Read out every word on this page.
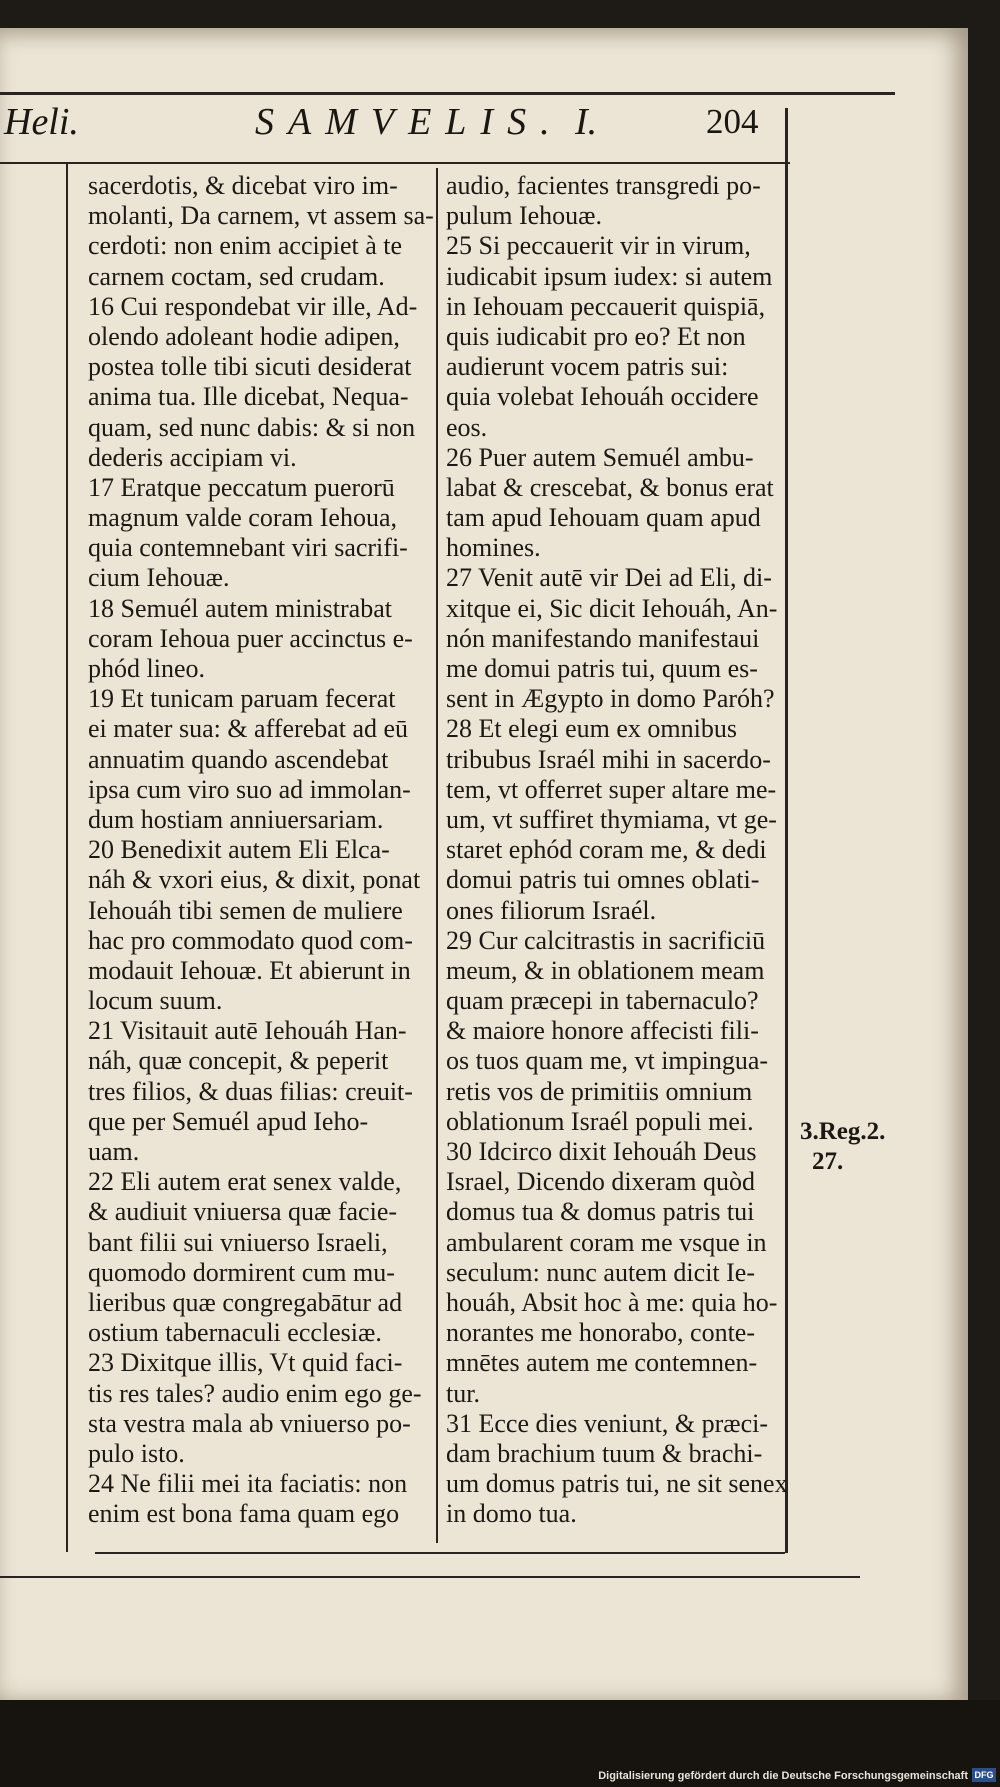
Heli.	SAMVELIS. I.	204
sacerdotis, & dicebat viro im-
molanti, Da carnem, vt assem sa-
cerdoti: non enim accipiet à te
carnem coctam, sed crudam.
16 Cui respondebat vir ille, Ad-
olendo adoleant hodie adipen,
postea tolle tibi sicuti desiderat
anima tua. Ille dicebat, Nequa-
quam, sed nunc dabis: & si non
dederis accipiam vi.
17 Eratque peccatum puerorū
magnum valde coram Iehoua,
quia contemnebant viri sacrifi-
cium Iehouæ.
18 Semuél autem ministrabat
coram Iehoua puer accinctus e-
phód lineo.
19 Et tunicam paruam fecerat
ei mater sua: & afferebat ad eū
annuatim quando ascendebat
ipsa cum viro suo ad immolan-
dum hostiam anniuersariam.
20 Benedixit autem Eli Elca-
náh & vxori eius, & dixit, ponat
Iehouáh tibi semen de muliere
hac pro commodato quod com-
modauit Iehouæ. Et abierunt in
locum suum.
21 Visitauit autē Iehouáh Han-
náh, quæ concepit, & peperit
tres filios, & duas filias: creuit-
que per Semuél apud Ieho-
uam.
22 Eli autem erat senex valde,
& audiuit vniuersa quæ facie-
bant filii sui vniuerso Israeli,
quomodo dormirent cum mu-
lieribus quæ congregabātur ad
ostium tabernaculi ecclesiæ.
23 Dixitque illis, Vt quid faci-
tis res tales? audio enim ego ge-
sta vestra mala ab vniuerso po-
pulo isto.
24 Ne filii mei ita faciatis: non
enim est bona fama quam ego
audio, facientes transgredi po-
pulum Iehouæ.
25 Si peccauerit vir in virum,
iudicabit ipsum iudex: si autem
in Iehouam peccauerit quispiā,
quis iudicabit pro eo? Et non
audierunt vocem patris sui:
quia volebat Iehouáh occidere
eos.
26 Puer autem Semuél ambu-
labat & crescebat, & bonus erat
tam apud Iehouam quam apud
homines.
27 Venit autē vir Dei ad Eli, di-
xitque ei, Sic dicit Iehouáh, An-
nón manifestando manifestaui
me domui patris tui, quum es-
sent in Ægypto in domo Paróh?
28 Et elegi eum ex omnibus
tribubus Israél mihi in sacerdo-
tem, vt offerret super altare me-
um, vt suffiret thymiama, vt ge-
staret ephód coram me, & dedi
domui patris tui omnes oblati-
ones filiorum Israél.
29 Cur calcitrastis in sacrificiū
meum, & in oblationem meam
quam præcepi in tabernaculo?
& maiore honore affecisti fili-
os tuos quam me, vt impingua-
retis vos de primitiis omnium
oblationum Israél populi mei.
30 Idcirco dixit Iehouáh Deus
Israel, Dicendo dixeram quòd
domus tua & domus patris tui
ambularent coram me vsque in
seculum: nunc autem dicit Ie-
houáh, Absit hoc à me: quia ho-
norantes me honorabo, conte-
mnētes autem me contemnen-
tur.
31 Ecce dies veniunt, & præci-
dam brachium tuum & brachi-
um domus patris tui, ne sit senex
in domo tua.
3.Reg.2.
27.
Digitalisierung gefördert durch die Deutsche Forschungsgemeinschaft DFG
